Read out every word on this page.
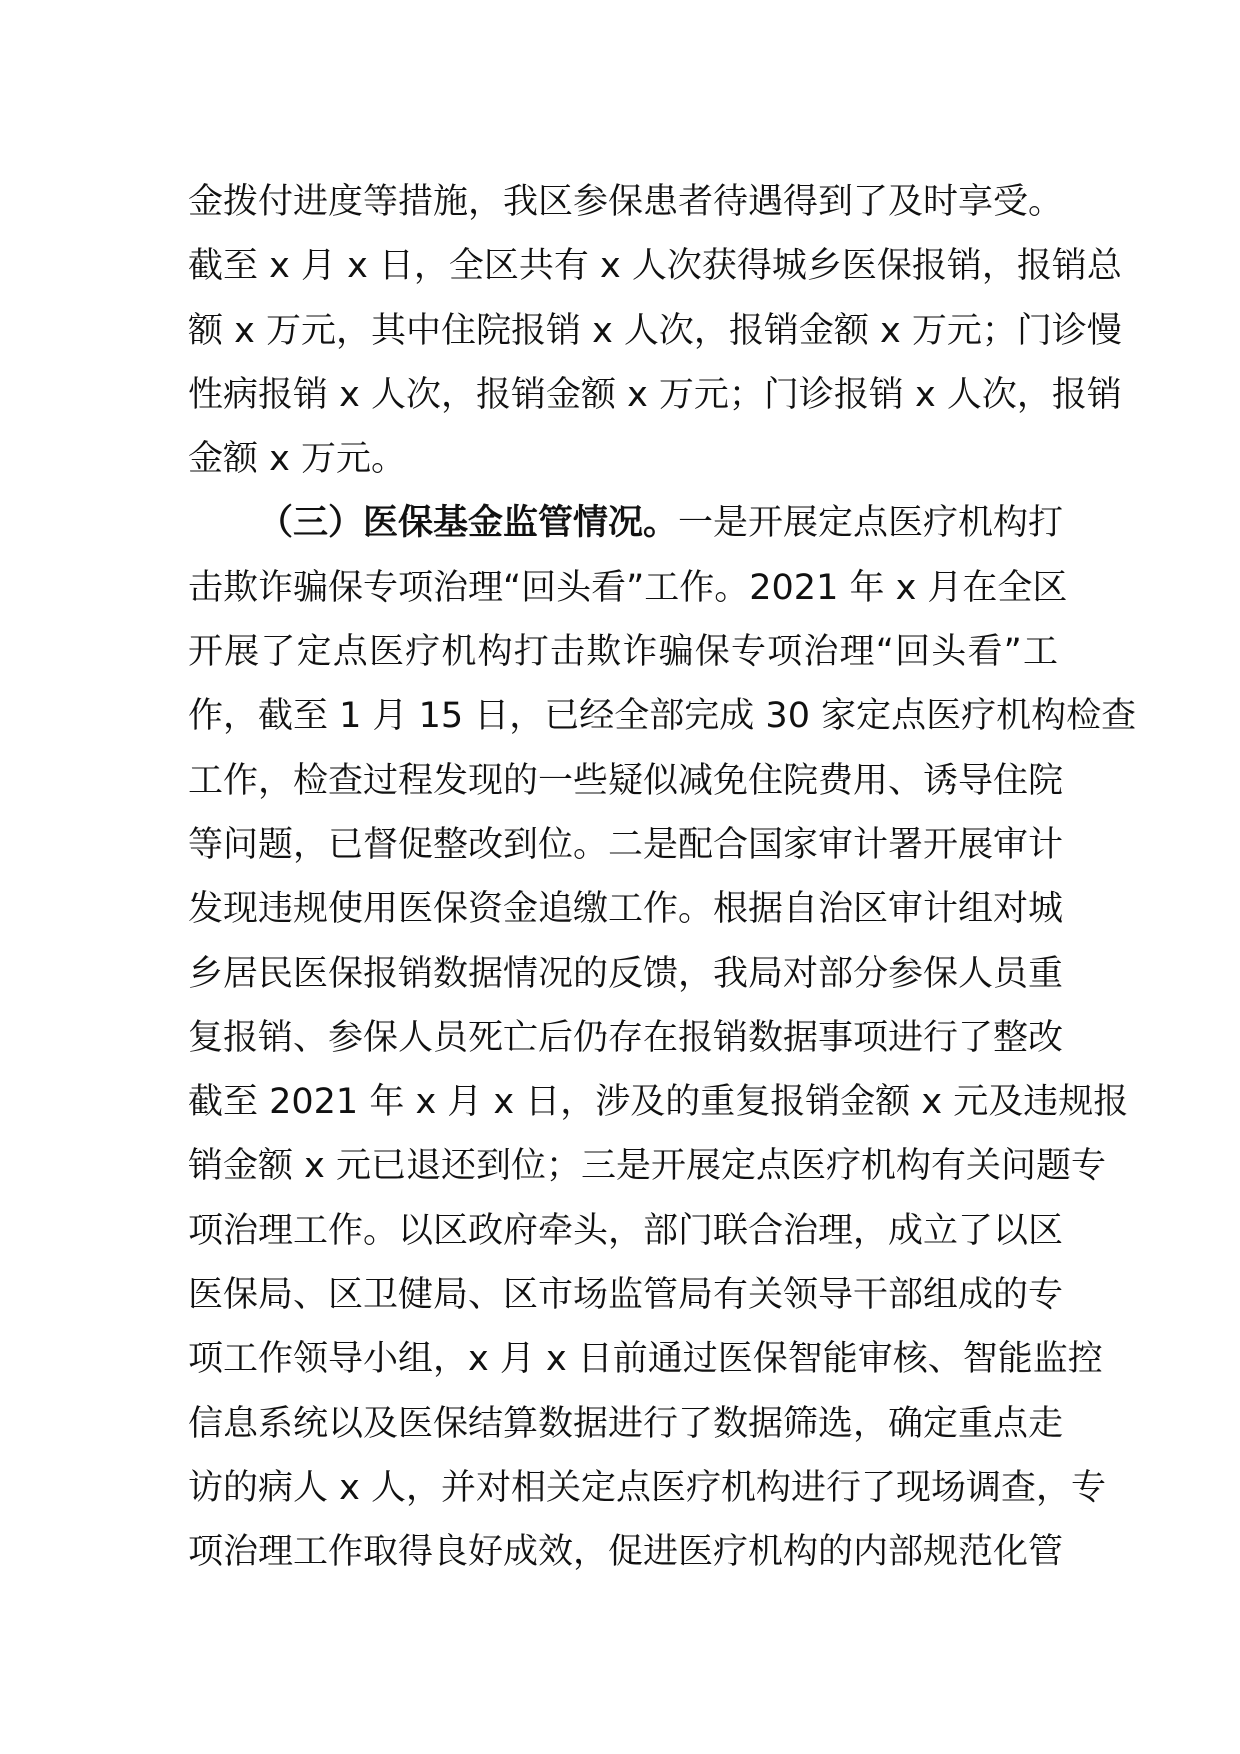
金拨付进度等措施，我区参保患者待遇得到了及时享受。
截至 x 月 x 日，全区共有 x 人次获得城乡医保报销，报销总
额 x 万元，其中住院报销 x 人次，报销金额 x 万元；门诊慢
性病报销 x 人次，报销金额 x 万元；门诊报销 x 人次，报销
金额 x 万元。
（三）医保基金监管情况。一是开展定点医疗机构打
击欺诈骗保专项治理“回头看”工作。2021 年 x 月在全区
开展了定点医疗机构打击欺诈骗保专项治理“回头看”工
作，截至 1 月 15 日，已经全部完成 30 家定点医疗机构检查
工作，检查过程发现的一些疑似减免住院费用、诱导住院
等问题，已督促整改到位。二是配合国家审计署开展审计
发现违规使用医保资金追缴工作。根据自治区审计组对城
乡居民医保报销数据情况的反馈，我局对部分参保人员重
复报销、参保人员死亡后仍存在报销数据事项进行了整改
截至 2021 年 x 月 x 日，涉及的重复报销金额 x 元及违规报
销金额 x 元已退还到位；三是开展定点医疗机构有关问题专
项治理工作。以区政府牵头，部门联合治理，成立了以区
医保局、区卫健局、区市场监管局有关领导干部组成的专
项工作领导小组，x 月 x 日前通过医保智能审核、智能监控
信息系统以及医保结算数据进行了数据筛选，确定重点走
访的病人 x 人，并对相关定点医疗机构进行了现场调查，专
项治理工作取得良好成效，促进医疗机构的内部规范化管
